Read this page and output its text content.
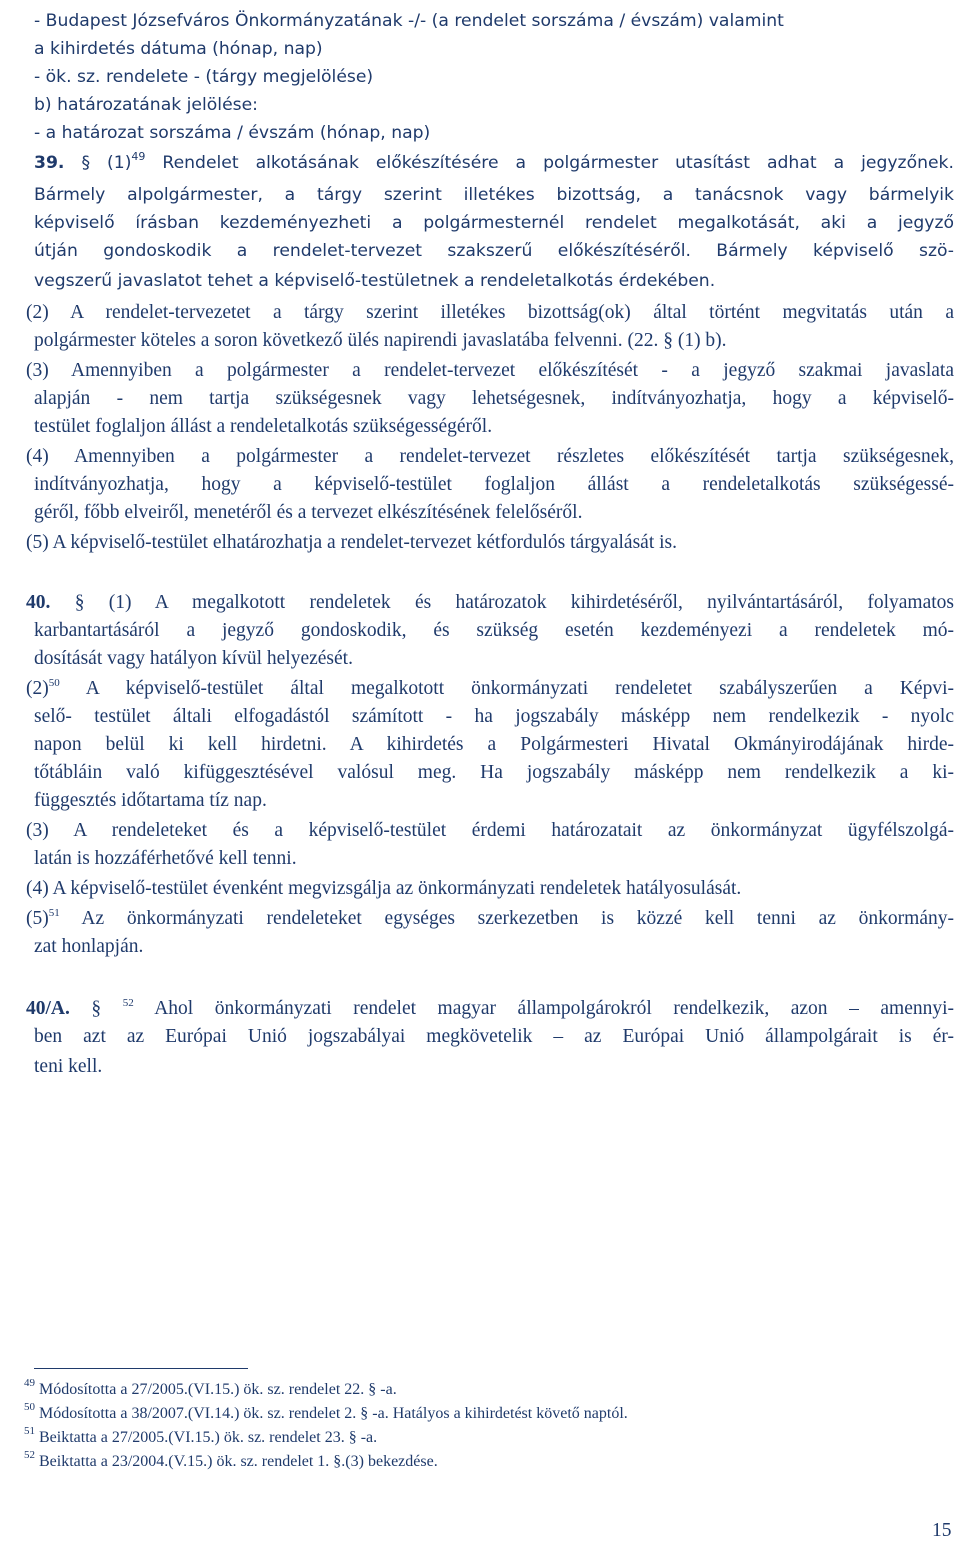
- Budapest Józsefváros Önkormányzatának -/- (a rendelet sorszáma / évszám) valamint
a kihirdetés dátuma (hónap, nap)
- ök. sz. rendelete - (tárgy megjelölése)
b) határozatának jelölése:
- a határozat sorszáma / évszám (hónap, nap)
39. § $(1)^{49}$ Rendelet alkotásának előkészítésére a polgármester utasítást adhat a jegyzőnek.
Bármely alpolgármester, a tárgy szerint illetékes bizottság, a tanácsnok vagy bármelyik
képviselő írásban kezdeményezheti a polgármesternél rendelet megalkotását, aki a jegyző
útján gondoskodik a rendelet-tervezet szakszerű előkészítéséről. Bármely képviselő szö-
vegszerű javaslatot tehet a képviselő-testületnek a rendeletalkotás érdekében.
(2) A rendelet-tervezetet a tárgy szerint illetékes bizottság(ok) által történt megvitatás után a
polgármester köteles a soron következő ülés napirendi javaslatába felvenni. (22. § (1) b).
(3) Amennyiben a polgármester a rendelet-tervezet előkészítését - a jegyző szakmai javaslata
alapján - nem tartja szükségesnek vagy lehetségesnek, indítványozhatja, hogy a képviselő-
testület foglaljon állást a rendeletalkotás szükségességéről.
(4) Amennyiben a polgármester a rendelet-tervezet részletes előkészítését tartja szükségesnek,
indítványozhatja, hogy a képviselő-testület foglaljon állást a rendeletalkotás szükségessé-
géről, főbb elveiről, menetéről és a tervezet elkészítésének felelőséről.
(5) A képviselő-testület elhatározhatja a rendelet-tervezet kétfordulós tárgyalását is.
40. § (1) A megalkotott rendeletek és határozatok kihirdetéséről, nyilvántartásáról, folyamatos
karbantartásáról a jegyző gondoskodik, és szükség esetén kezdeményezi a rendeletek mó-
dosítását vagy hatályon kívül helyezését.
$(2)^{50}$ A képviselő-testület által megalkotott önkormányzati rendeletet szabályszerűen a Képvi-
selő- testület általi elfogadástól számított - ha jogszabály másképp nem rendelkezik - nyolc
napon belül ki kell hirdetni. A kihirdetés a Polgármesteri Hivatal Okmányirodájának hirde-
tőtábláin való kifüggesztésével valósul meg. Ha jogszabály másképp nem rendelkezik a ki-
függesztés időtartama tíz nap.
(3) A rendeleteket és a képviselő-testület érdemi határozatait az önkormányzat ügyfélszolgá-
latán is hozzáférhetővé kell tenni.
(4) A képviselő-testület évenként megvizsgálja az önkormányzati rendeletek hatályosulását.
$(5)^{51}$ Az önkormányzati rendeleteket egységes szerkezetben is közzé kell tenni az önkormány-
zat honlapján.
40/A. § $^{52}$ Ahol önkormányzati rendelet magyar állampolgárokról rendelkezik, azon – amennyi-
ben azt az Európai Unió jogszabályai megkövetelik – az Európai Unió állampolgárait is ér-
teni kell.
$^{49}$ Módosította a 27/2005.(VI.15.) ök. sz. rendelet 22. § -a.
$^{50}$ Módosította a 38/2007.(VI.14.) ök. sz. rendelet 2. § -a. Hatályos a kihirdetést követő naptól.
$^{51}$ Beiktatta a 27/2005.(VI.15.) ök. sz. rendelet 23. § -a.
$^{52}$ Beiktatta a 23/2004.(V.15.) ök. sz. rendelet 1. §.(3) bekezdése.
15
